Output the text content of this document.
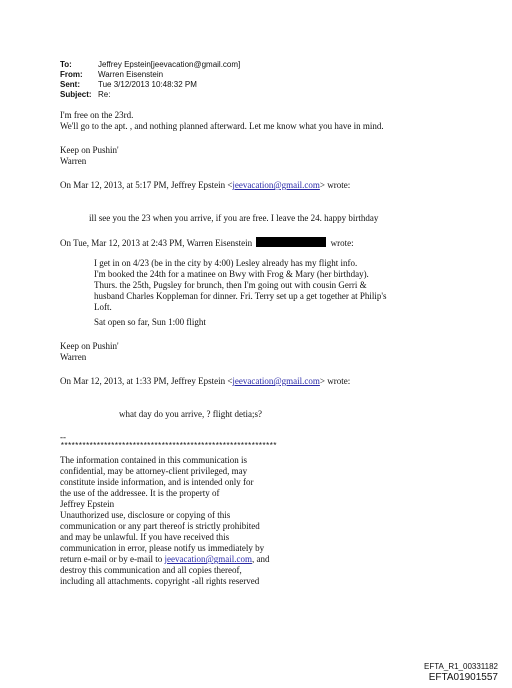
To:	Jeffrey Epstein[jeevacation@gmail.com]
From:	Warren Eisenstein
Sent:	Tue 3/12/2013 10:48:32 PM
Subject: Re:
I'm free on the 23rd.
We'll go to the apt. , and nothing planned afterward. Let me know what you have in mind.
Keep on Pushin'
Warren
On Mar 12, 2013, at 5:17 PM, Jeffrey Epstein <jeevacation@gmail.com> wrote:
ill see you the 23 when you arrive, if you are free. I leave the 24. happy birthday
On Tue, Mar 12, 2013 at 2:43 PM, Warren Eisenstein	wrote:
I get in on 4/23 (be in the city by 4:00) Lesley already has my flight info.
I'm booked the 24th for a matinee on Bwy with Frog & Mary (her birthday).
Thurs. the 25th, Pugsley for brunch, then I'm going out with cousin Gerri &
husband Charles Koppleman for dinner. Fri. Terry set up a get together at Philip's
Loft.
Sat open so far, Sun 1:00 flight
Keep on Pushin'
Warren
On Mar 12, 2013, at 1:33 PM, Jeffrey Epstein <jeevacation@gmail.com> wrote:
what day do you arrive, ? flight detia;s?
--
************************************************************
The information contained in this communication is
confidential, may be attorney-client privileged, may
constitute inside information, and is intended only for
the use of the addressee. It is the property of
Jeffrey Epstein
Unauthorized use, disclosure or copying of this
communication or any part thereof is strictly prohibited
and may be unlawful. If you have received this
communication in error, please notify us immediately by
return e-mail or by e-mail to jeevacation@gmail.com, and
destroy this communication and all copies thereof,
including all attachments. copyright -all rights reserved
EFTA_R1_00331182
EFTA01901557
